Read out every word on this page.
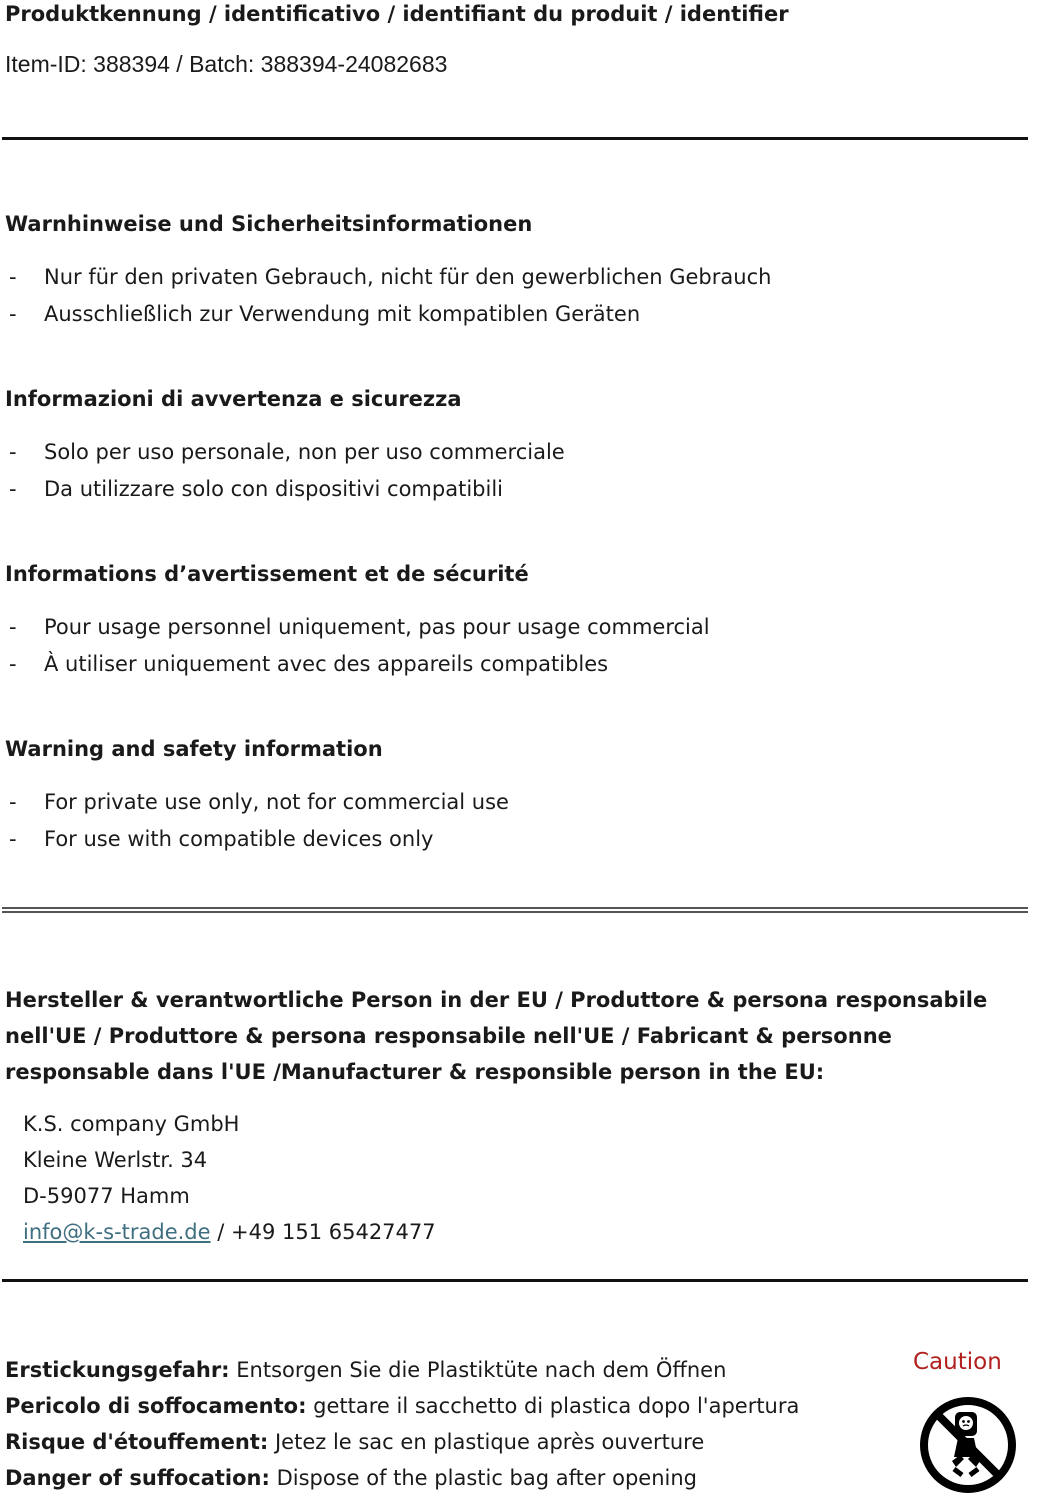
Produktkennung / identificativo / identifiant du produit / identifier
Item-ID: 388394 / Batch: 388394-24082683
Warnhinweise und Sicherheitsinformationen
- Nur für den privaten Gebrauch, nicht für den gewerblichen Gebrauch
- Ausschließlich zur Verwendung mit kompatiblen Geräten
Informazioni di avvertenza e sicurezza
- Solo per uso personale, non per uso commerciale
- Da utilizzare solo con dispositivi compatibili
Informations d’avertissement et de sécurité
- Pour usage personnel uniquement, pas pour usage commercial
- À utiliser uniquement avec des appareils compatibles
Warning and safety information
- For private use only, not for commercial use
- For use with compatible devices only
Hersteller & verantwortliche Person in der EU / Produttore & persona responsabile
nell'UE / Produttore & persona responsabile nell'UE / Fabricant & personne
responsable dans l'UE /Manufacturer & responsible person in the EU:
K.S. company GmbH
Kleine Werlstr. 34
D-59077 Hamm
info@k-s-trade.de / +49 151 65427477
Erstickungsgefahr: Entsorgen Sie die Plastiktüte nach dem Öffnen
Pericolo di soffocamento: gettare il sacchetto di plastica dopo l'apertura
Risque d'étouffement: Jetez le sac en plastique après ouverture
Danger of suffocation: Dispose of the plastic bag after opening
Caution
